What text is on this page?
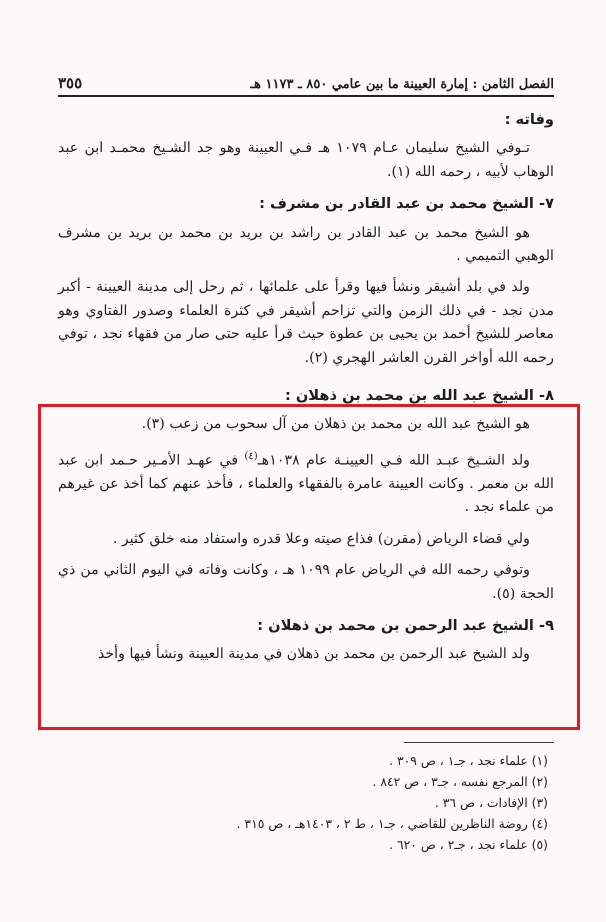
الفصل الثامن : إمارة العيينة ما بين عامي ٨٥٠ ـ ١١٧٣ هـ
٣٥٥
وفاته :

تـوفي الشيخ سليمان عـام ١٠٧٩ هـ فـي العيينة وهو جد الشـيخ محمـد ابن عبد الوهاب لأبيه ، رحمه الله (١).

٧- الشيخ محمد بن عبد القادر بن مشرف :

هو الشيخ محمد بن عبد القادر بن راشد بن بريد بن محمد بن بريد بن مشرف الوهبي التميمي .

ولد في بلد أشيقر ونشأ فيها وقرأ على علمائها ، ثم رحل إلى مدينة العيينة - أكبر مدن نجد - في ذلك الزمن والتي تزاحم أشيقر في كثرة العلماء وصدور الفتاوي وهو معاصر للشيخ أحمد بن يحيى بن عطوة حيث قرأ عليه حتى صار من فقهاء نجد ، توفي رحمه الله أواخر القرن العاشر الهجري (٢).

٨- الشيخ عبد الله بن محمد بن ذهلان :

هو الشيخ عبد الله بن محمد بن ذهلان من آل سحوب من زعب (٣).

ولد الشـيخ عبـد الله فـي العيينـة عام ١٠٣٨هـ$^{(٤)}$ في عهـد الأمـير حـمد ابن عبد الله بن معمر . وكانت العيينة عامرة بالفقهاء والعلماء ، فأخذ عنهم كما أخذ عن غيرهم من علماء نجد .

ولي قضاء الرياض (مقرن) فذاع صيته وعلا قدره واستفاد منه خلق كثير .

وتوفي رحمه الله في الرياض عام ١٠٩٩ هـ ، وكانت وفاته في اليوم الثاني من ذي الحجة (٥).

٩- الشيخ عبد الرحمن بن محمد بن ذهلان :

ولد الشيخ عبد الرحمن بن محمد بن ذهلان في مدينة العيينة ونشأ فيها وأخذ

(١) علماء نجد ، جـ١ ، ص ٣٠٩ .
(٢) المرجع نفسه ، جـ٣ ، ص ٨٤٢ .
(٣) الإفادات ، ص ٣٦ .
(٤) روضة الناظرين للقاضي ، جـ١ ، ط ٢ ، ١٤٠٣هـ ، ص ٣١٥ .
(٥) علماء نجد ، جـ٢ ، ص ٦٢٠ .
